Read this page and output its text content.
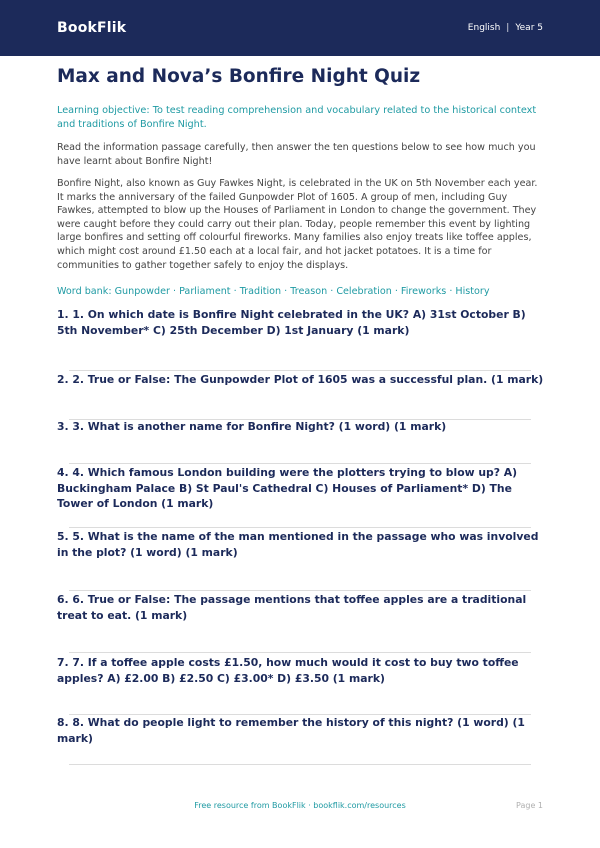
BookFlik	English | Year 5
Max and Nova’s Bonfire Night Quiz

Learning objective: To test reading comprehension and vocabulary related to the historical context and traditions of Bonfire Night.

Read the information passage carefully, then answer the ten questions below to see how much you have learnt about Bonfire Night!

Bonfire Night, also known as Guy Fawkes Night, is celebrated in the UK on 5th November each year. It marks the anniversary of the failed Gunpowder Plot of 1605. A group of men, including Guy Fawkes, attempted to blow up the Houses of Parliament in London to change the government. They were caught before they could carry out their plan. Today, people remember this event by lighting large bonfires and setting off colourful fireworks. Many families also enjoy treats like toffee apples, which might cost around £1.50 each at a local fair, and hot jacket potatoes. It is a time for communities to gather together safely to enjoy the displays.

Word bank: Gunpowder · Parliament · Tradition · Treason · Celebration · Fireworks · History

1. 1. On which date is Bonfire Night celebrated in the UK? A) 31st October B) 5th November* C) 25th December D) 1st January (1 mark)
2. 2. True or False: The Gunpowder Plot of 1605 was a successful plan. (1 mark)
3. 3. What is another name for Bonfire Night? (1 word) (1 mark)
4. 4. Which famous London building were the plotters trying to blow up? A) Buckingham Palace B) St Paul's Cathedral C) Houses of Parliament* D) The Tower of London (1 mark)
5. 5. What is the name of the man mentioned in the passage who was involved in the plot? (1 word) (1 mark)
6. 6. True or False: The passage mentions that toffee apples are a traditional treat to eat. (1 mark)
7. 7. If a toffee apple costs £1.50, how much would it cost to buy two toffee apples? A) £2.00 B) £2.50 C) £3.00* D) £3.50 (1 mark)
8. 8. What do people light to remember the history of this night? (1 word) (1 mark)
Free resource from BookFlik · bookflik.com/resources	Page 1
